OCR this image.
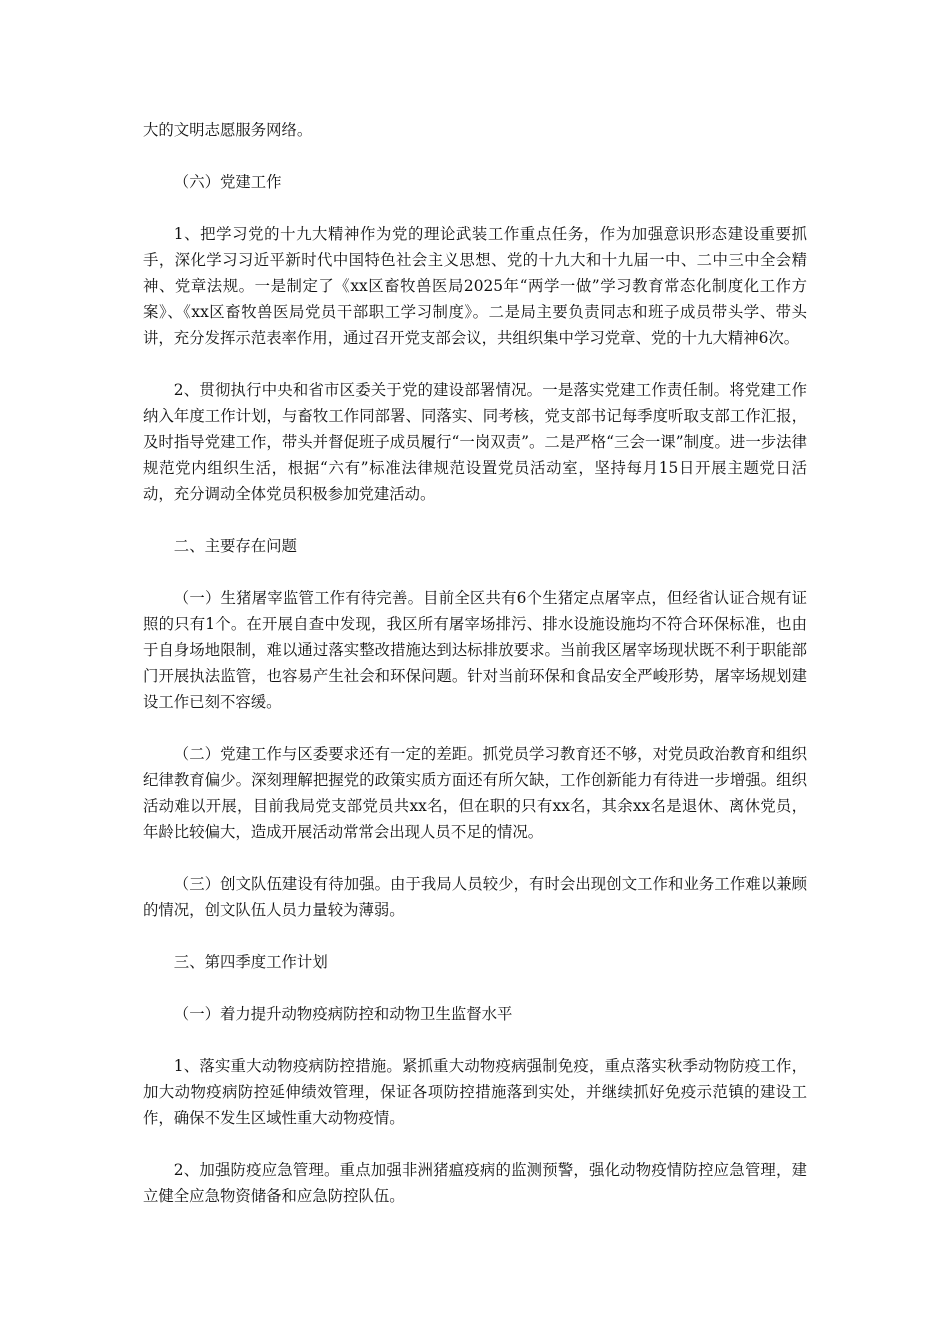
大的文明志愿服务网络。

（六）党建工作

1、把学习党的十九大精神作为党的理论武装工作重点任务，作为加强意识形态建设重要抓手，深化学习习近平新时代中国特色社会主义思想、党的十九大和十九届一中、二中三中全会精神、党章法规。一是制定了《xx区畜牧兽医局2025年“两学一做”学习教育常态化制度化工作方案》、《xx区畜牧兽医局党员干部职工学习制度》。二是局主要负责同志和班子成员带头学、带头讲，充分发挥示范表率作用，通过召开党支部会议，共组织集中学习党章、党的十九大精神6次。

2、贯彻执行中央和省市区委关于党的建设部署情况。一是落实党建工作责任制。将党建工作纳入年度工作计划，与畜牧工作同部署、同落实、同考核，党支部书记每季度听取支部工作汇报，及时指导党建工作，带头并督促班子成员履行“一岗双责”。二是严格“三会一课”制度。进一步法律规范党内组织生活，根据“六有”标准法律规范设置党员活动室，坚持每月15日开展主题党日活动，充分调动全体党员积极参加党建活动。

二、主要存在问题

（一）生猪屠宰监管工作有待完善。目前全区共有6个生猪定点屠宰点，但经省认证合规有证照的只有1个。在开展自查中发现，我区所有屠宰场排污、排水设施设施均不符合环保标准，也由于自身场地限制，难以通过落实整改措施达到达标排放要求。当前我区屠宰场现状既不利于职能部门开展执法监管，也容易产生社会和环保问题。针对当前环保和食品安全严峻形势，屠宰场规划建设工作已刻不容缓。

（二）党建工作与区委要求还有一定的差距。抓党员学习教育还不够，对党员政治教育和组织纪律教育偏少。深刻理解把握党的政策实质方面还有所欠缺，工作创新能力有待进一步增强。组织活动难以开展，目前我局党支部党员共xx名，但在职的只有xx名，其余xx名是退休、离休党员，年龄比较偏大，造成开展活动常常会出现人员不足的情况。

（三）创文队伍建设有待加强。由于我局人员较少，有时会出现创文工作和业务工作难以兼顾的情况，创文队伍人员力量较为薄弱。

三、第四季度工作计划

（一）着力提升动物疫病防控和动物卫生监督水平

1、落实重大动物疫病防控措施。紧抓重大动物疫病强制免疫，重点落实秋季动物防疫工作，加大动物疫病防控延伸绩效管理，保证各项防控措施落到实处，并继续抓好免疫示范镇的建设工作，确保不发生区域性重大动物疫情。

2、加强防疫应急管理。重点加强非洲猪瘟疫病的监测预警，强化动物疫情防控应急管理，建立健全应急物资储备和应急防控队伍。
